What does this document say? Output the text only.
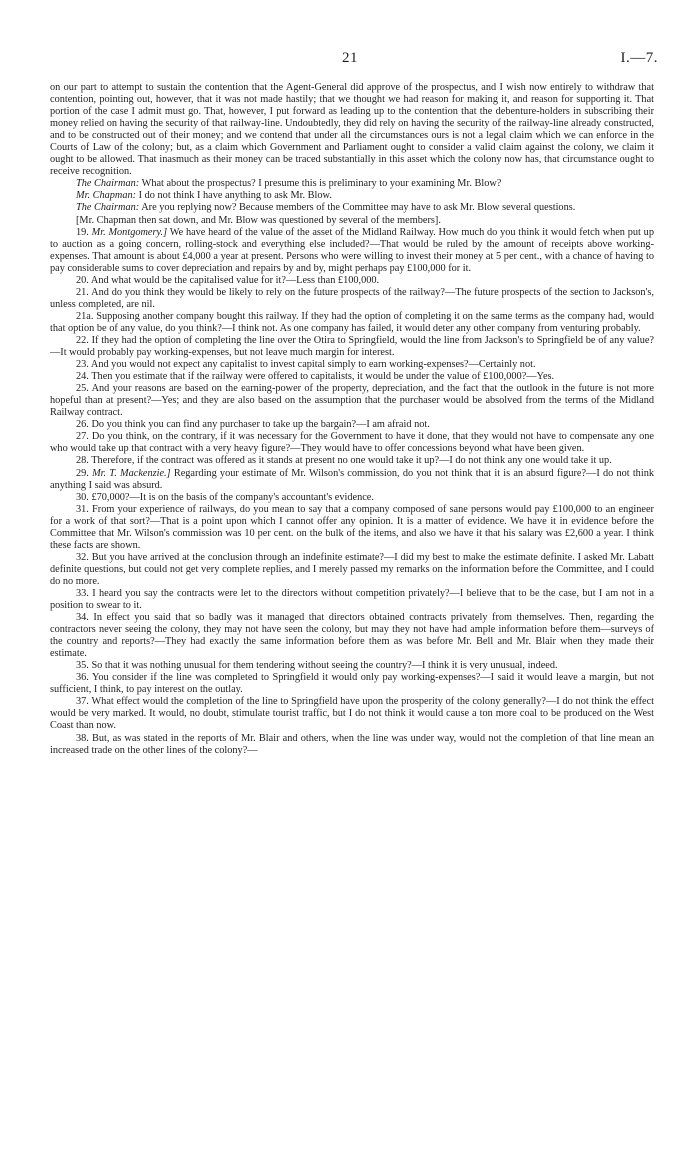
21	I.—7.

on our part to attempt to sustain the contention that the Agent-General did approve of the prospectus, and I wish now entirely to withdraw that contention, pointing out, however, that it was not made hastily; that we thought we had reason for making it, and reason for supporting it. That portion of the case I admit must go. That, however, I put forward as leading up to the contention that the debenture-holders in subscribing their money relied on having the security of that railway-line. Undoubtedly, they did rely on having the security of the railway-line already constructed, and to be constructed out of their money; and we contend that under all the circumstances ours is not a legal claim which we can enforce in the Courts of Law of the colony; but, as a claim which Government and Parliament ought to consider a valid claim against the colony, we claim it ought to be allowed. That inasmuch as their money can be traced substantially in this asset which the colony now has, that circumstance ought to receive recognition.

The Chairman: What about the prospectus? I presume this is preliminary to your examining Mr. Blow?

Mr. Chapman: I do not think I have anything to ask Mr. Blow.

The Chairman: Are you replying now? Because members of the Committee may have to ask Mr. Blow several questions.

[Mr. Chapman then sat down, and Mr. Blow was questioned by several of the members].

19. Mr. Montgomery.] We have heard of the value of the asset of the Midland Railway. How much do you think it would fetch when put up to auction as a going concern, rolling-stock and everything else included?—That would be ruled by the amount of receipts above working-expenses. That amount is about £4,000 a year at present. Persons who were willing to invest their money at 5 per cent., with a chance of having to pay considerable sums to cover depreciation and repairs by and by, might perhaps pay £100,000 for it.

20. And what would be the capitalised value for it?—Less than £100,000.

21. And do you think they would be likely to rely on the future prospects of the railway?—The future prospects of the section to Jackson's, unless completed, are nil.

21a. Supposing another company bought this railway. If they had the option of completing it on the same terms as the company had, would that option be of any value, do you think?—I think not. As one company has failed, it would deter any other company from venturing probably.

22. If they had the option of completing the line over the Otira to Springfield, would the line from Jackson's to Springfield be of any value?—It would probably pay working-expenses, but not leave much margin for interest.

23. And you would not expect any capitalist to invest capital simply to earn working-expenses?—Certainly not.

24. Then you estimate that if the railway were offered to capitalists, it would be under the value of £100,000?—Yes.

25. And your reasons are based on the earning-power of the property, depreciation, and the fact that the outlook in the future is not more hopeful than at present?—Yes; and they are also based on the assumption that the purchaser would be absolved from the terms of the Midland Railway contract.

26. Do you think you can find any purchaser to take up the bargain?—I am afraid not.

27. Do you think, on the contrary, if it was necessary for the Government to have it done, that they would not have to compensate any one who would take up that contract with a very heavy figure?—They would have to offer concessions beyond what have been given.

28. Therefore, if the contract was offered as it stands at present no one would take it up?—I do not think any one would take it up.

29. Mr. T. Mackenzie.] Regarding your estimate of Mr. Wilson's commission, do you not think that it is an absurd figure?—I do not think anything I said was absurd.

30. £70,000?—It is on the basis of the company's accountant's evidence.

31. From your experience of railways, do you mean to say that a company composed of sane persons would pay £100,000 to an engineer for a work of that sort?—That is a point upon which I cannot offer any opinion. It is a matter of evidence. We have it in evidence before the Committee that Mr. Wilson's commission was 10 per cent. on the bulk of the items, and also we have it that his salary was £2,600 a year. I think these facts are shown.

32. But you have arrived at the conclusion through an indefinite estimate?—I did my best to make the estimate definite. I asked Mr. Labatt definite questions, but could not get very complete replies, and I merely passed my remarks on the information before the Committee, and I could do no more.

33. I heard you say the contracts were let to the directors without competition privately?—I believe that to be the case, but I am not in a position to swear to it.

34. In effect you said that so badly was it managed that directors obtained contracts privately from themselves. Then, regarding the contractors never seeing the colony, they may not have seen the colony, but may they not have had ample information before them—surveys of the country and reports?—They had exactly the same information before them as was before Mr. Bell and Mr. Blair when they made their estimate.

35. So that it was nothing unusual for them tendering without seeing the country?—I think it is very unusual, indeed.

36. You consider if the line was completed to Springfield it would only pay working-expenses?—I said it would leave a margin, but not sufficient, I think, to pay interest on the outlay.

37. What effect would the completion of the line to Springfield have upon the prosperity of the colony generally?—I do not think the effect would be very marked. It would, no doubt, stimulate tourist traffic, but I do not think it would cause a ton more coal to be produced on the West Coast than now.

38. But, as was stated in the reports of Mr. Blair and others, when the line was under way, would not the completion of that line mean an increased trade on the other lines of the colony?—
